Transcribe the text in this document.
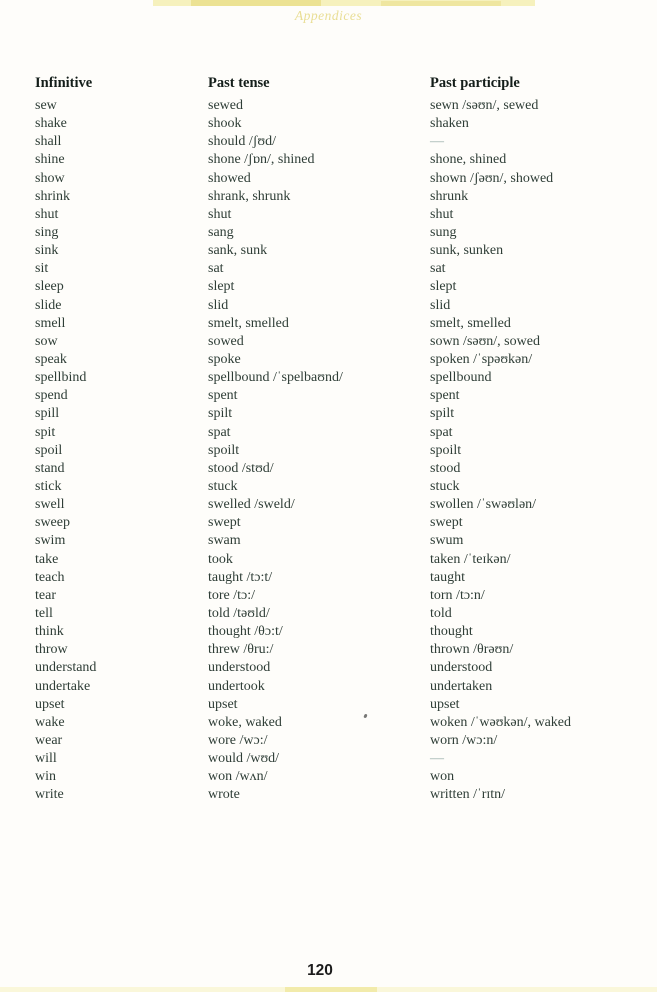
Appendices
Infinitive	Past tense	Past participle
sew	sewed	sewn /səʊn/, sewed
shake	shook	shaken
shall	should /ʃʊd/	—
shine	shone /ʃɒn/, shined	shone, shined
show	showed	shown /ʃəʊn/, showed
shrink	shrank, shrunk	shrunk
shut	shut	shut
sing	sang	sung
sink	sank, sunk	sunk, sunken
sit	sat	sat
sleep	slept	slept
slide	slid	slid
smell	smelt, smelled	smelt, smelled
sow	sowed	sown /səʊn/, sowed
speak	spoke	spoken /ˈspəʊkən/
spellbind	spellbound /ˈspelbaʊnd/	spellbound
spend	spent	spent
spill	spilt	spilt
spit	spat	spat
spoil	spoilt	spoilt
stand	stood /stʊd/	stood
stick	stuck	stuck
swell	swelled /sweld/	swollen /ˈswəʊlən/
sweep	swept	swept
swim	swam	swum
take	took	taken /ˈteɪkən/
teach	taught /tɔ:t/	taught
tear	tore /tɔ:/	torn /tɔ:n/
tell	told /təʊld/	told
think	thought /θɔ:t/	thought
throw	threw /θru:/	thrown /θrəʊn/
understand	understood	understood
undertake	undertook	undertaken
upset	upset	upset
wake	woke, waked	woken /ˈwəʊkən/, waked
wear	wore /wɔ:/	worn /wɔ:n/
will	would /wʊd/	—
win	won /wʌn/	won
write	wrote	written /ˈrɪtn/
120
